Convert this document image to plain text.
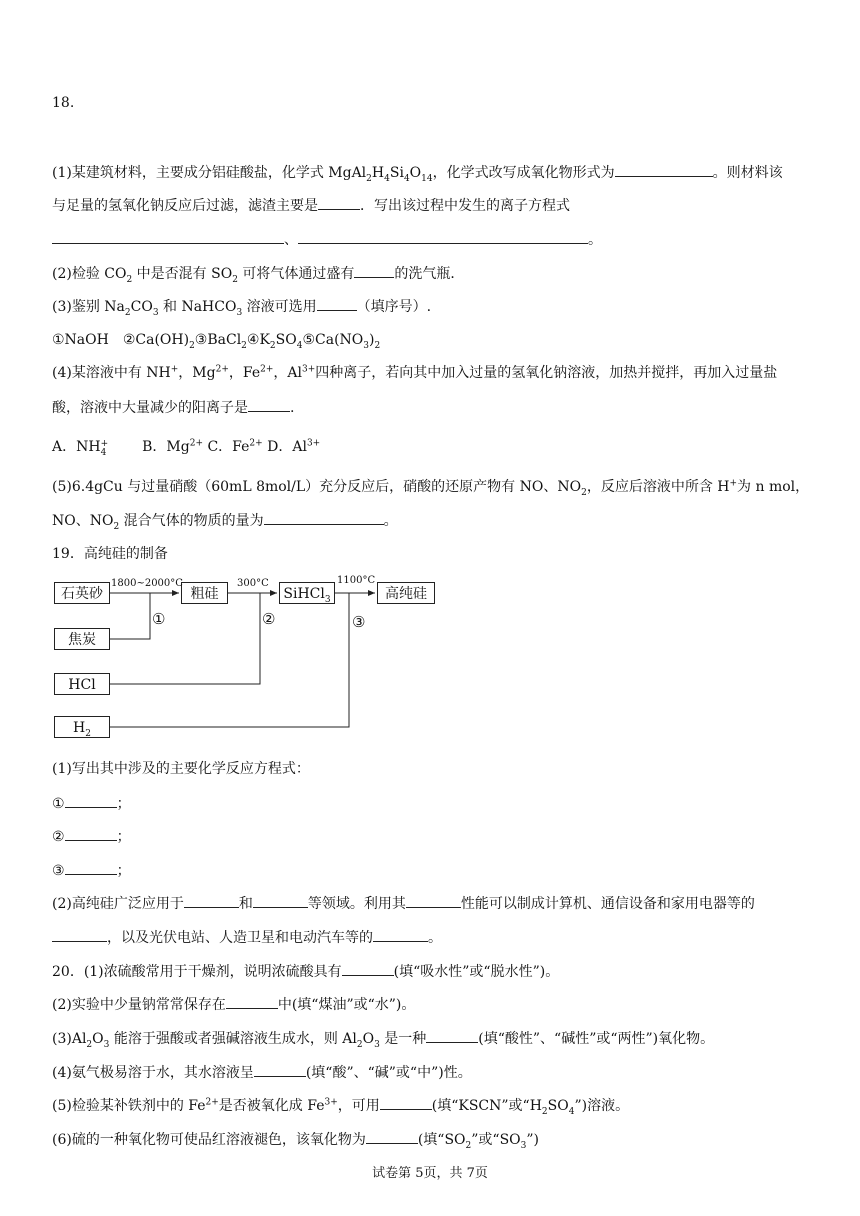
18.
(1)某建筑材料，主要成分铝硅酸盐，化学式 $MgAl_2H_4Si_4O_{14}$，化学式改写成氧化物形式为	。则材料该
与足量的氢氧化钠反应后过滤，滤渣主要是	．写出该过程中发生的离子方程式
、	。
(2)检验 $CO_2$ 中是否混有 $SO_2$ 可将气体通过盛有	的洗气瓶．
(3)鉴别 $Na_2CO_3$ 和 NaHCO$_3$ 溶液可选用	（填序号）.
①NaOH　$②Ca(OH)_2③BaCl_2④K_2SO_4⑤Ca(NO_3)_2$
(4)某溶液中有 NH+，$Mg^{2+}$，$Fe^{2+}$，$Al^{3+}$四种离子，若向其中加入过量的氢氧化钠溶液，加热并搅拌，再加入过量盐
酸，溶液中大量减少的阳离子是	.
A．NH +
4	B．$Mg^{2+}$ C．$Fe^{2+}$ D．$Al^{3+}$
(5)6.4gCu 与过量硝酸（60mL 8mol/L）充分反应后，硝酸的还原产物有 NO、$NO_2$，反应后溶液中所含 H+为 n mol，
NO、$NO_2$ 混合气体的物质的量为	。
19．高纯硅的制备
石英砂	粗硅	SiHCl$_3$	高纯硅
焦炭
HCl
$H_2$
1800~2000°C	300°C	1100°C
①	②	③
(1)写出其中涉及的主要化学反应方程式：
①	；
②	；
③	；
(2)高纯硅广泛应用于	和	等领域。利用其	性能可以制成计算机、通信设备和家用电器等的
，以及光伏电站、人造卫星和电动汽车等的	。
20．(1)浓硫酸常用于干燥剂，说明浓硫酸具有	(填“吸水性”或“脱水性”)。
(2)实验中少量钠常常保存在	中(填“煤油”或“水”)。
$(3)Al_2O_3$ 能溶于强酸或者强碱溶液生成水，则 $Al_2O_3$ 是一种	(填“酸性”、“碱性”或“两性”)氧化物。
(4)氨气极易溶于水，其水溶液呈	(填“酸”、“碱”或“中”)性。
(5)检验某补铁剂中的 $Fe^{2+}$是否被氧化成 $Fe^{3+}$，可用	(填“KSCN”或“$H_2SO_4$”)溶液。
(6)硫的一种氧化物可使品红溶液褪色，该氧化物为	(填“$SO_2$”或“$SO_3$”)
试卷第 5页，共 7页
